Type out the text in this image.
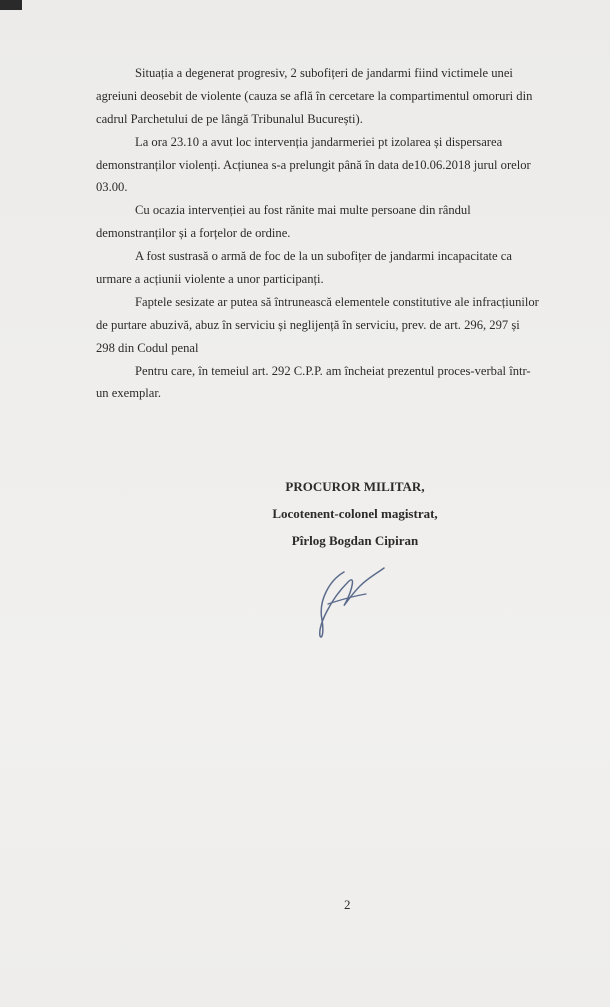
Situația a degenerat progresiv, 2 subofițeri de jandarmi fiind victimele unei
agreiuni deosebit de violente (cauza se află în cercetare la compartimentul omoruri din
cadrul Parchetului de pe lângă Tribunalul București).
La ora 23.10 a avut loc intervenția jandarmeriei pt izolarea și dispersarea
demonstranților violenți. Acțiunea s-a prelungit până în data de10.06.2018 jurul orelor
03.00.
Cu ocazia intervenției au fost rănite mai multe persoane din rândul
demonstranților și a forțelor de ordine.
A fost sustrasă o armă de foc de la un subofițer de jandarmi incapacitate ca
urmare a acțiunii violente a unor participanți.
Faptele sesizate ar putea să întrunească elementele constitutive ale infracțiunilor
de purtare abuzivă, abuz în serviciu și neglijență în serviciu, prev. de art. 296, 297 și
298 din Codul penal
Pentru care, în temeiul art. 292 C.P.P. am încheiat prezentul proces-verbal într-
un exemplar.
PROCUROR MILITAR,
Locotenent-colonel magistrat,
Pîrlog Bogdan Cipiran
2
